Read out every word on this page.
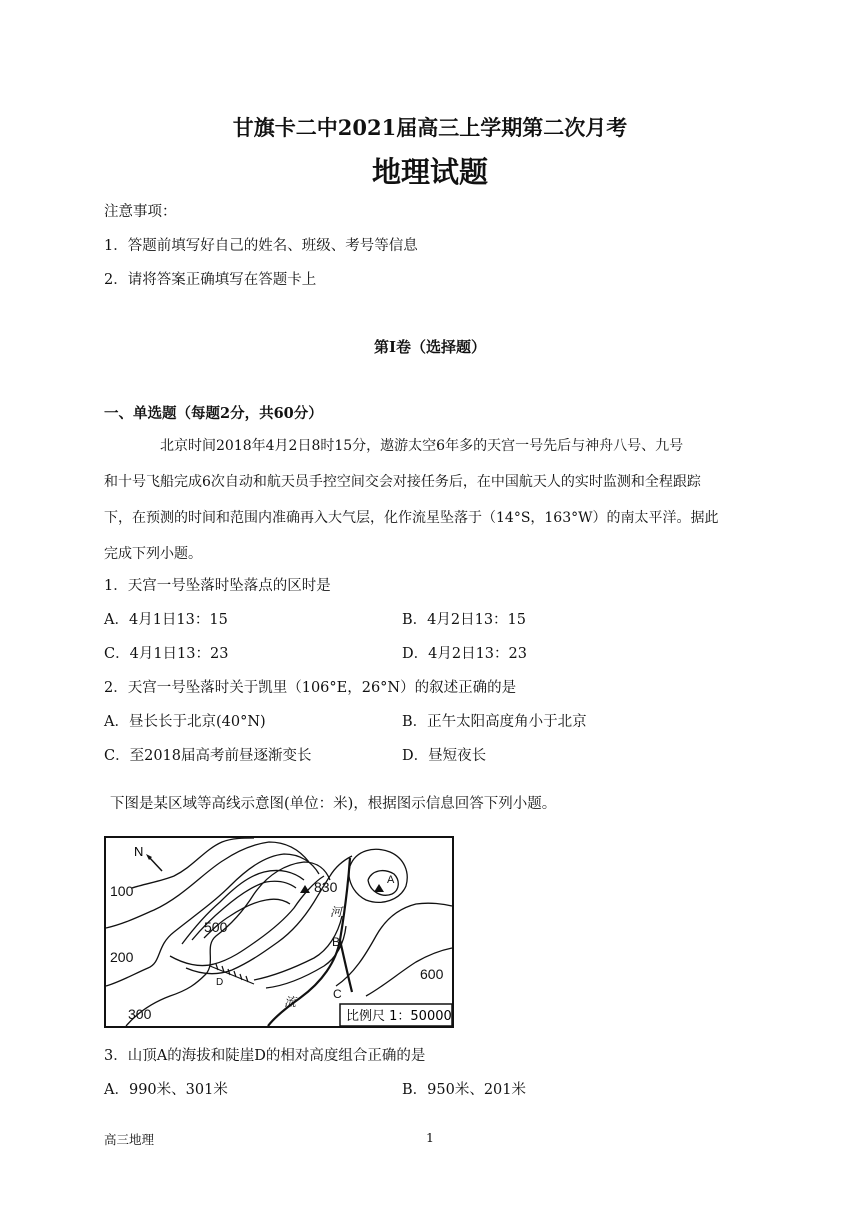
甘旗卡二中2021届高三上学期第二次月考
地理试题
注意事项：
1．答题前填写好自己的姓名、班级、考号等信息
2．请将答案正确填写在答题卡上
第Ⅰ卷（选择题）
一、单选题（每题2分，共60分）

北京时间2018年4月2日8时15分，遨游太空6年多的天宫一号先后与神舟八号、九号

和十号飞船完成6次自动和航天员手控空间交会对接任务后，在中国航天人的实时监测和全程跟踪

下，在预测的时间和范围内准确再入大气层，化作流星坠落于（14°S，163°W）的南太平洋。据此

完成下列小题。

1．天宫一号坠落时坠落点的区时是
A．4月1日13：15	B．4月2日13：15
C．4月1日13：23	D．4月2日13：23
2．天宫一号坠落时关于凯里（106°E，26°N）的叙述正确的是
A．昼长长于北京(40°N)	B．正午太阳高度角小于北京
C．至2018届高考前昼逐渐变长	D．昼短夜长
下图是某区域等高线示意图(单位：米)，根据图示信息回答下列小题。
N
100
200
300
500
600
830	A
B
C
D
河
流
比例尺 1：50000
3．山顶A的海拔和陡崖D的相对高度组合正确的是
A．990米、301米	B．950米、201米
高三地理	1
